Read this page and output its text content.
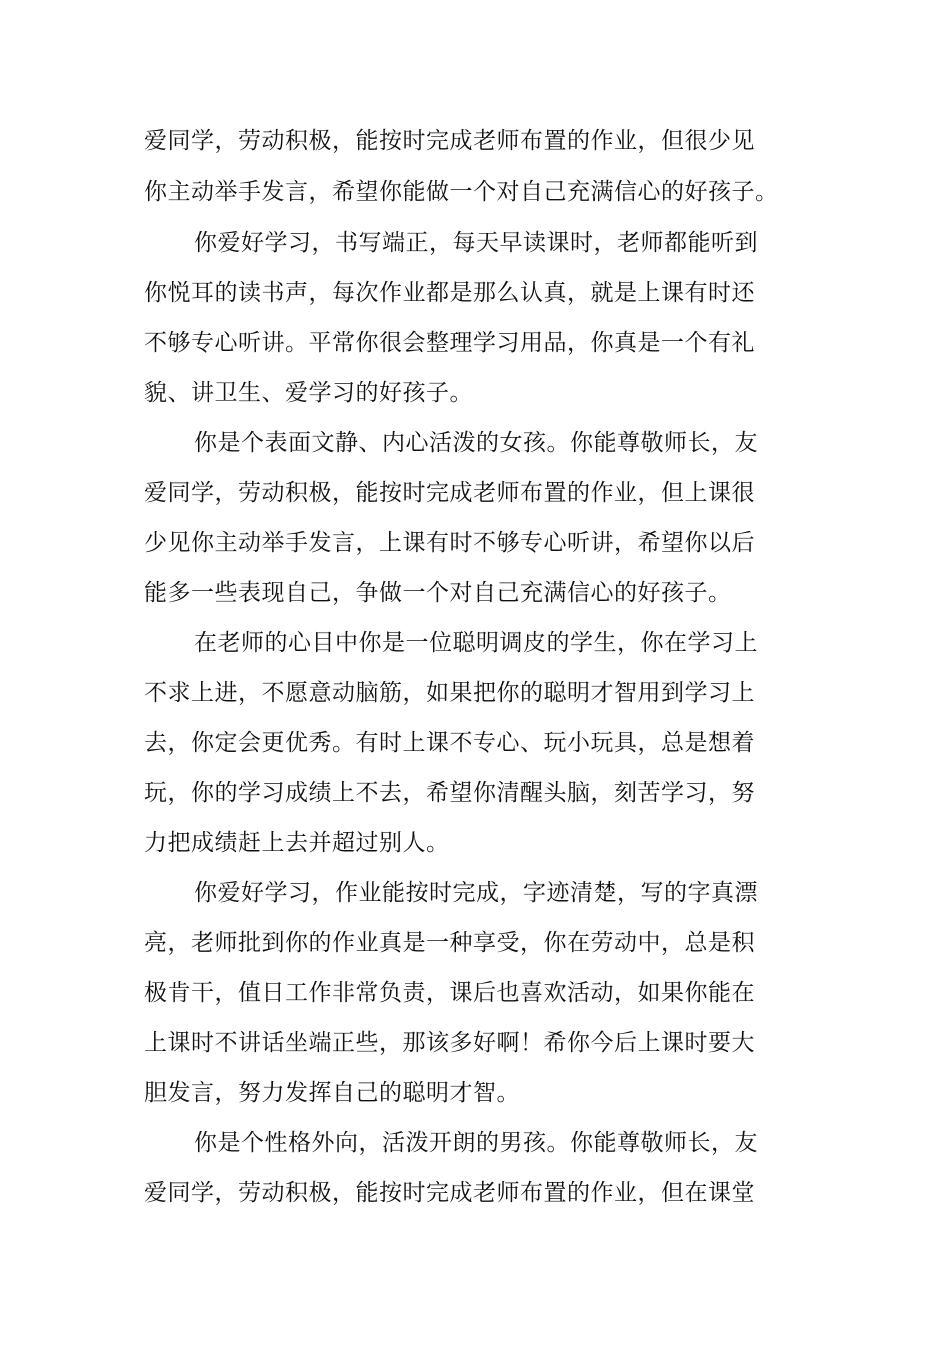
爱同学，劳动积极，能按时完成老师布置的作业，但很少见
你主动举手发言，希望你能做一个对自己充满信心的好孩子。
你爱好学习，书写端正，每天早读课时，老师都能听到
你悦耳的读书声，每次作业都是那么认真，就是上课有时还
不够专心听讲。平常你很会整理学习用品，你真是一个有礼
貌、讲卫生、爱学习的好孩子。
你是个表面文静、内心活泼的女孩。你能尊敬师长，友
爱同学，劳动积极，能按时完成老师布置的作业，但上课很
少见你主动举手发言，上课有时不够专心听讲，希望你以后
能多一些表现自己，争做一个对自己充满信心的好孩子。
在老师的心目中你是一位聪明调皮的学生，你在学习上
不求上进，不愿意动脑筋，如果把你的聪明才智用到学习上
去，你定会更优秀。有时上课不专心、玩小玩具，总是想着
玩，你的学习成绩上不去，希望你清醒头脑，刻苦学习，努
力把成绩赶上去并超过别人。
你爱好学习，作业能按时完成，字迹清楚，写的字真漂
亮，老师批到你的作业真是一种享受，你在劳动中，总是积
极肯干，值日工作非常负责，课后也喜欢活动，如果你能在
上课时不讲话坐端正些，那该多好啊！希你今后上课时要大
胆发言，努力发挥自己的聪明才智。
你是个性格外向，活泼开朗的男孩。你能尊敬师长，友
爱同学，劳动积极，能按时完成老师布置的作业，但在课堂
